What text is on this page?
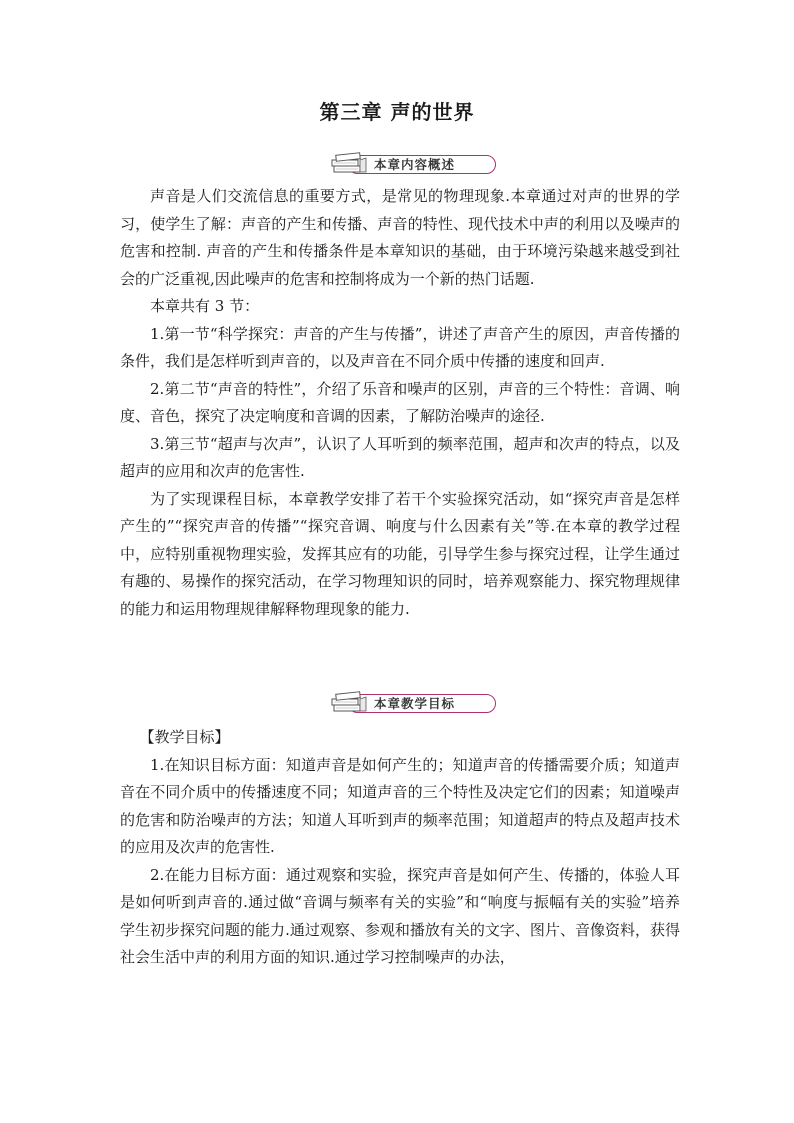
第三章 声的世界
本章内容概述

声音是人们交流信息的重要方式，是常见的物理现象.本章通过对声的世界的学习，使学生了解：声音的产生和传播、声音的特性、现代技术中声的利用以及噪声的危害和控制. 声音的产生和传播条件是本章知识的基础，由于环境污染越来越受到社会的广泛重视,因此噪声的危害和控制将成为一个新的热门话题.

本章共有 3 节：

1.第一节“科学探究：声音的产生与传播”，讲述了声音产生的原因，声音传播的条件，我们是怎样听到声音的，以及声音在不同介质中传播的速度和回声.

2.第二节“声音的特性”，介绍了乐音和噪声的区别，声音的三个特性：音调、响度、音色，探究了决定响度和音调的因素，了解防治噪声的途径.

3.第三节“超声与次声”，认识了人耳听到的频率范围，超声和次声的特点，以及超声的应用和次声的危害性.

为了实现课程目标，本章教学安排了若干个实验探究活动，如“探究声音是怎样产生的”“探究声音的传播”“探究音调、响度与什么因素有关”等.在本章的教学过程中，应特别重视物理实验，发挥其应有的功能，引导学生参与探究过程，让学生通过有趣的、易操作的探究活动，在学习物理知识的同时，培养观察能力、探究物理规律的能力和运用物理规律解释物理现象的能力.

本章教学目标

【教学目标】

1.在知识目标方面：知道声音是如何产生的；知道声音的传播需要介质；知道声音在不同介质中的传播速度不同；知道声音的三个特性及决定它们的因素；知道噪声的危害和防治噪声的方法；知道人耳听到声的频率范围；知道超声的特点及超声技术的应用及次声的危害性.

2.在能力目标方面：通过观察和实验，探究声音是如何产生、传播的，体验人耳是如何听到声音的.通过做“音调与频率有关的实验”和“响度与振幅有关的实验”培养学生初步探究问题的能力.通过观察、参观和播放有关的文字、图片、音像资料，获得社会生活中声的利用方面的知识.通过学习控制噪声的办法，
